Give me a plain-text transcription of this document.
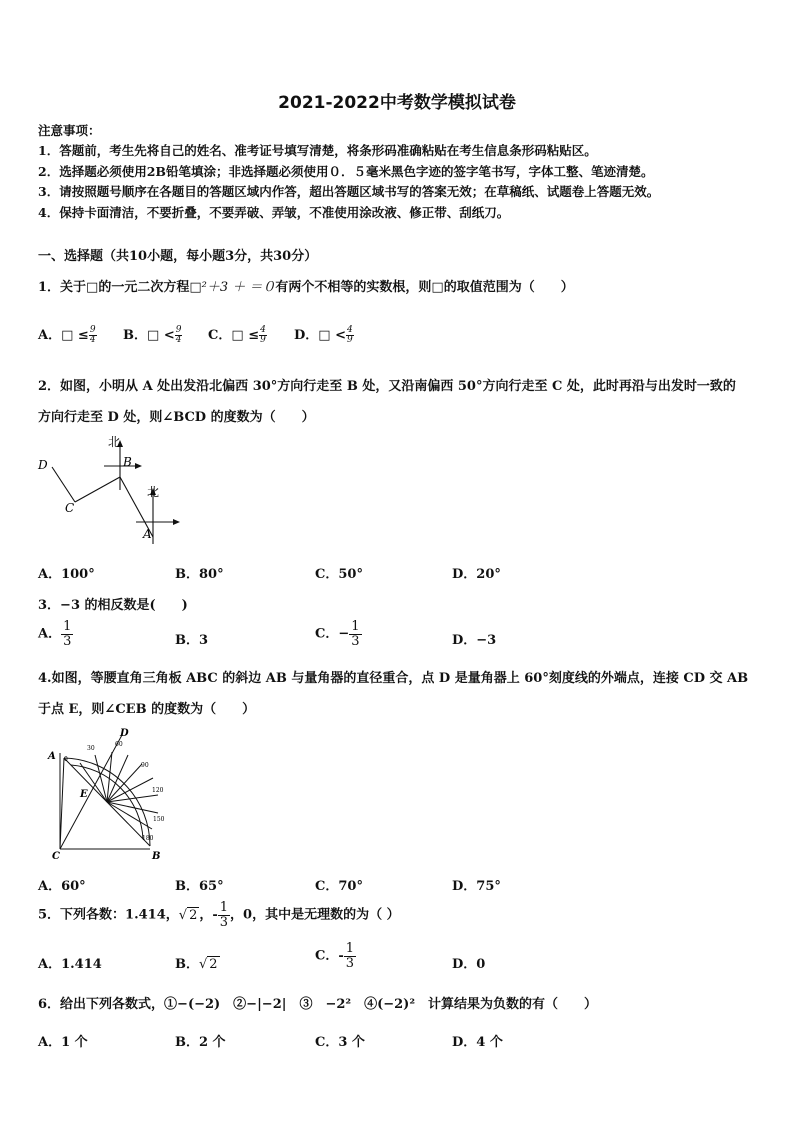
2021-2022中考数学模拟试卷
注意事项：
1．答题前，考生先将自己的姓名、准考证号填写清楚，将条形码准确粘贴在考生信息条形码粘贴区。
2．选择题必须使用2B铅笔填涂；非选择题必须使用０．５毫米黑色字迹的签字笔书写，字体工整、笔迹清楚。
3．请按照题号顺序在各题目的答题区域内作答，超出答题区域书写的答案无效；在草稿纸、试题卷上答题无效。
4．保持卡面清洁，不要折叠，不要弄破、弄皱，不准使用涂改液、修正带、刮纸刀。
一、选择题（共10小题，每小题3分，共30分）
1．关于□的一元二次方程□²＋3 ＋ ＝０有两个不相等的实数根，则□的取值范围为（　　）
A．□ ≤ $\frac{9}{4}$ B．□ < $\frac{9}{4}$ C．□ ≤ $\frac{4}{9}$ D．□ < $\frac{4}{9}$
2．如图，小明从 A 处出发沿北偏西 30°方向行走至 B 处，又沿南偏西 50°方向行走至 C 处，此时再沿与出发时一致的
方向行走至 D 处，则∠BCD 的度数为（　　）
北
北
D
C
B
A
A．100°	B．80°	C．50°	D．20°
3．−3 的相反数是(　　)
A． $\frac{1}{3}$	B．3	C．− $\frac{1}{3}$	D．−3
4.如图，等腰直角三角板 ABC 的斜边 AB 与量角器的直径重合，点 D 是量角器上 60°刻度线的外端点，连接 CD 交 AB
于点 E，则∠CEB 的度数为（　　）
A
B
C
D
E
0
30
60
90
120
150
180
A．60°	B．65°	C．70°	D．75°
5．下列各数：1.414，√ 2 ，- $\frac{1}{3}$ ，0，其中是无理数的为（ ）
A．1.414	B．√ 2
C．- $\frac{1}{3}$	D．0
6．给出下列各数式，①−(−2)　②−|−2|　③　−2²　④(−2)²　计算结果为负数的有（　　）
A．1 个	B．2 个	C．3 个	D．4 个
